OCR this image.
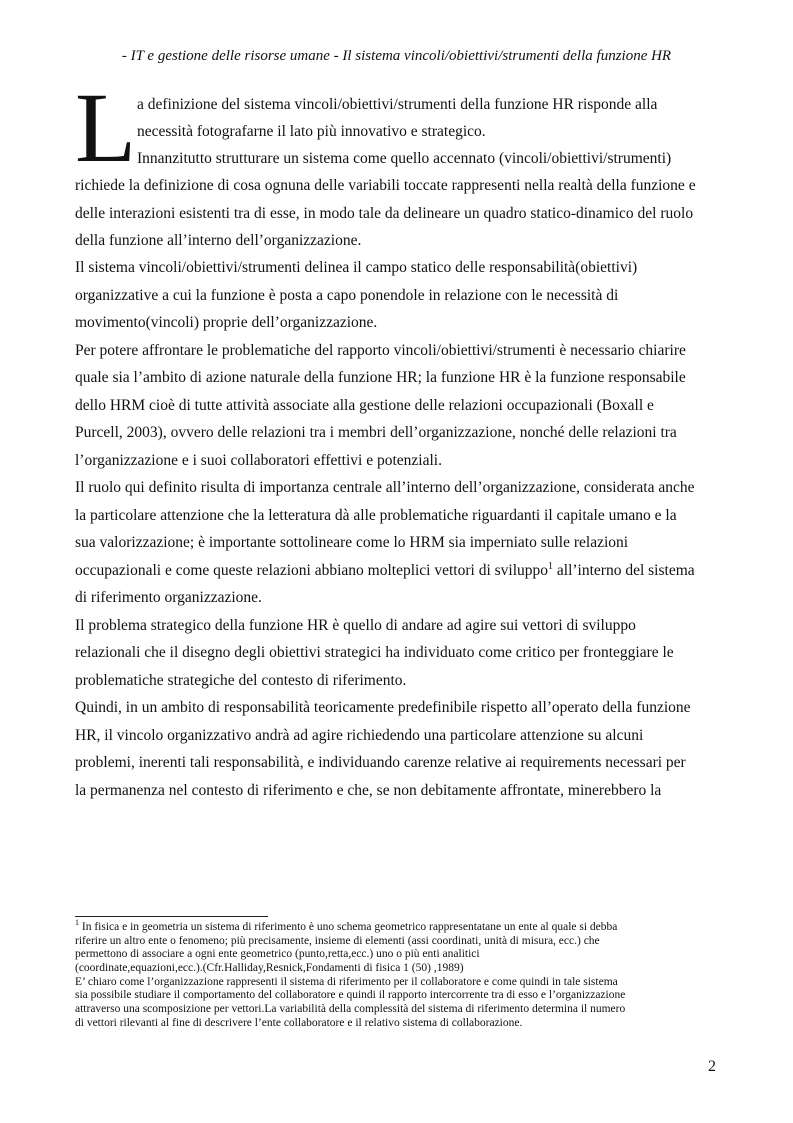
- IT e gestione delle risorse umane - Il sistema vincoli/obiettivi/strumenti della funzione HR
L a definizione del sistema vincoli/obiettivi/strumenti della funzione HR risponde alla
necessità fotografarne il lato più innovativo e strategico.
Innanzitutto strutturare un sistema come quello accennato (vincoli/obiettivi/strumenti)
richiede la definizione di cosa ognuna delle variabili toccate rappresenti nella realtà della funzione e
delle interazioni esistenti tra di esse, in modo tale da delineare un quadro statico-dinamico del ruolo
della funzione all’interno dell’organizzazione.
Il sistema vincoli/obiettivi/strumenti delinea il campo statico delle responsabilità(obiettivi)
organizzative a cui la funzione è posta a capo ponendole in relazione con le necessità di
movimento(vincoli) proprie dell’organizzazione.
Per potere affrontare le problematiche del rapporto vincoli/obiettivi/strumenti è necessario chiarire
quale sia l’ambito di azione naturale della funzione HR; la funzione HR è la funzione responsabile
dello HRM cioè di tutte attività associate alla gestione delle relazioni occupazionali (Boxall e
Purcell, 2003), ovvero delle relazioni tra i membri dell’organizzazione, nonché delle relazioni tra
l’organizzazione e i suoi collaboratori effettivi e potenziali.
Il ruolo qui definito risulta di importanza centrale all’interno dell’organizzazione, considerata anche
la particolare attenzione che la letteratura dà alle problematiche riguardanti il capitale umano e la
sua valorizzazione; è importante sottolineare come lo HRM sia imperniato sulle relazioni
occupazionali e come queste relazioni abbiano molteplici vettori di sviluppo$^1$ all’interno del sistema
di riferimento organizzazione.
Il problema strategico della funzione HR è quello di andare ad agire sui vettori di sviluppo
relazionali che il disegno degli obiettivi strategici ha individuato come critico per fronteggiare le
problematiche strategiche del contesto di riferimento.
Quindi, in un ambito di responsabilità teoricamente predefinibile rispetto all’operato della funzione
HR, il vincolo organizzativo andrà ad agire richiedendo una particolare attenzione su alcuni
problemi, inerenti tali responsabilità, e individuando carenze relative ai requirements necessari per
la permanenza nel contesto di riferimento e che, se non debitamente affrontate, minerebbero la
$^1$ In fisica e in geometria un sistema di riferimento è uno schema geometrico rappresentatane un ente al quale si debba
riferire un altro ente o fenomeno; più precisamente, insieme di elementi (assi coordinati, unità di misura, ecc.) che
permettono di associare a ogni ente geometrico (punto,retta,ecc.) uno o più enti analitici
(coordinate,equazioni,ecc.).(Cfr.Halliday,Resnick,Fondamenti di fisica 1 (50) ,1989)
E’ chiaro come l’organizzazione rappresenti il sistema di riferimento per il collaboratore e come quindi in tale sistema
sia possibile studiare il comportamento del collaboratore e quindi il rapporto intercorrente tra di esso e l’organizzazione
attraverso una scomposizione per vettori.La variabilità della complessità del sistema di riferimento determina il numero
di vettori rilevanti al fine di descrivere l’ente collaboratore e il relativo sistema di collaborazione.
2
